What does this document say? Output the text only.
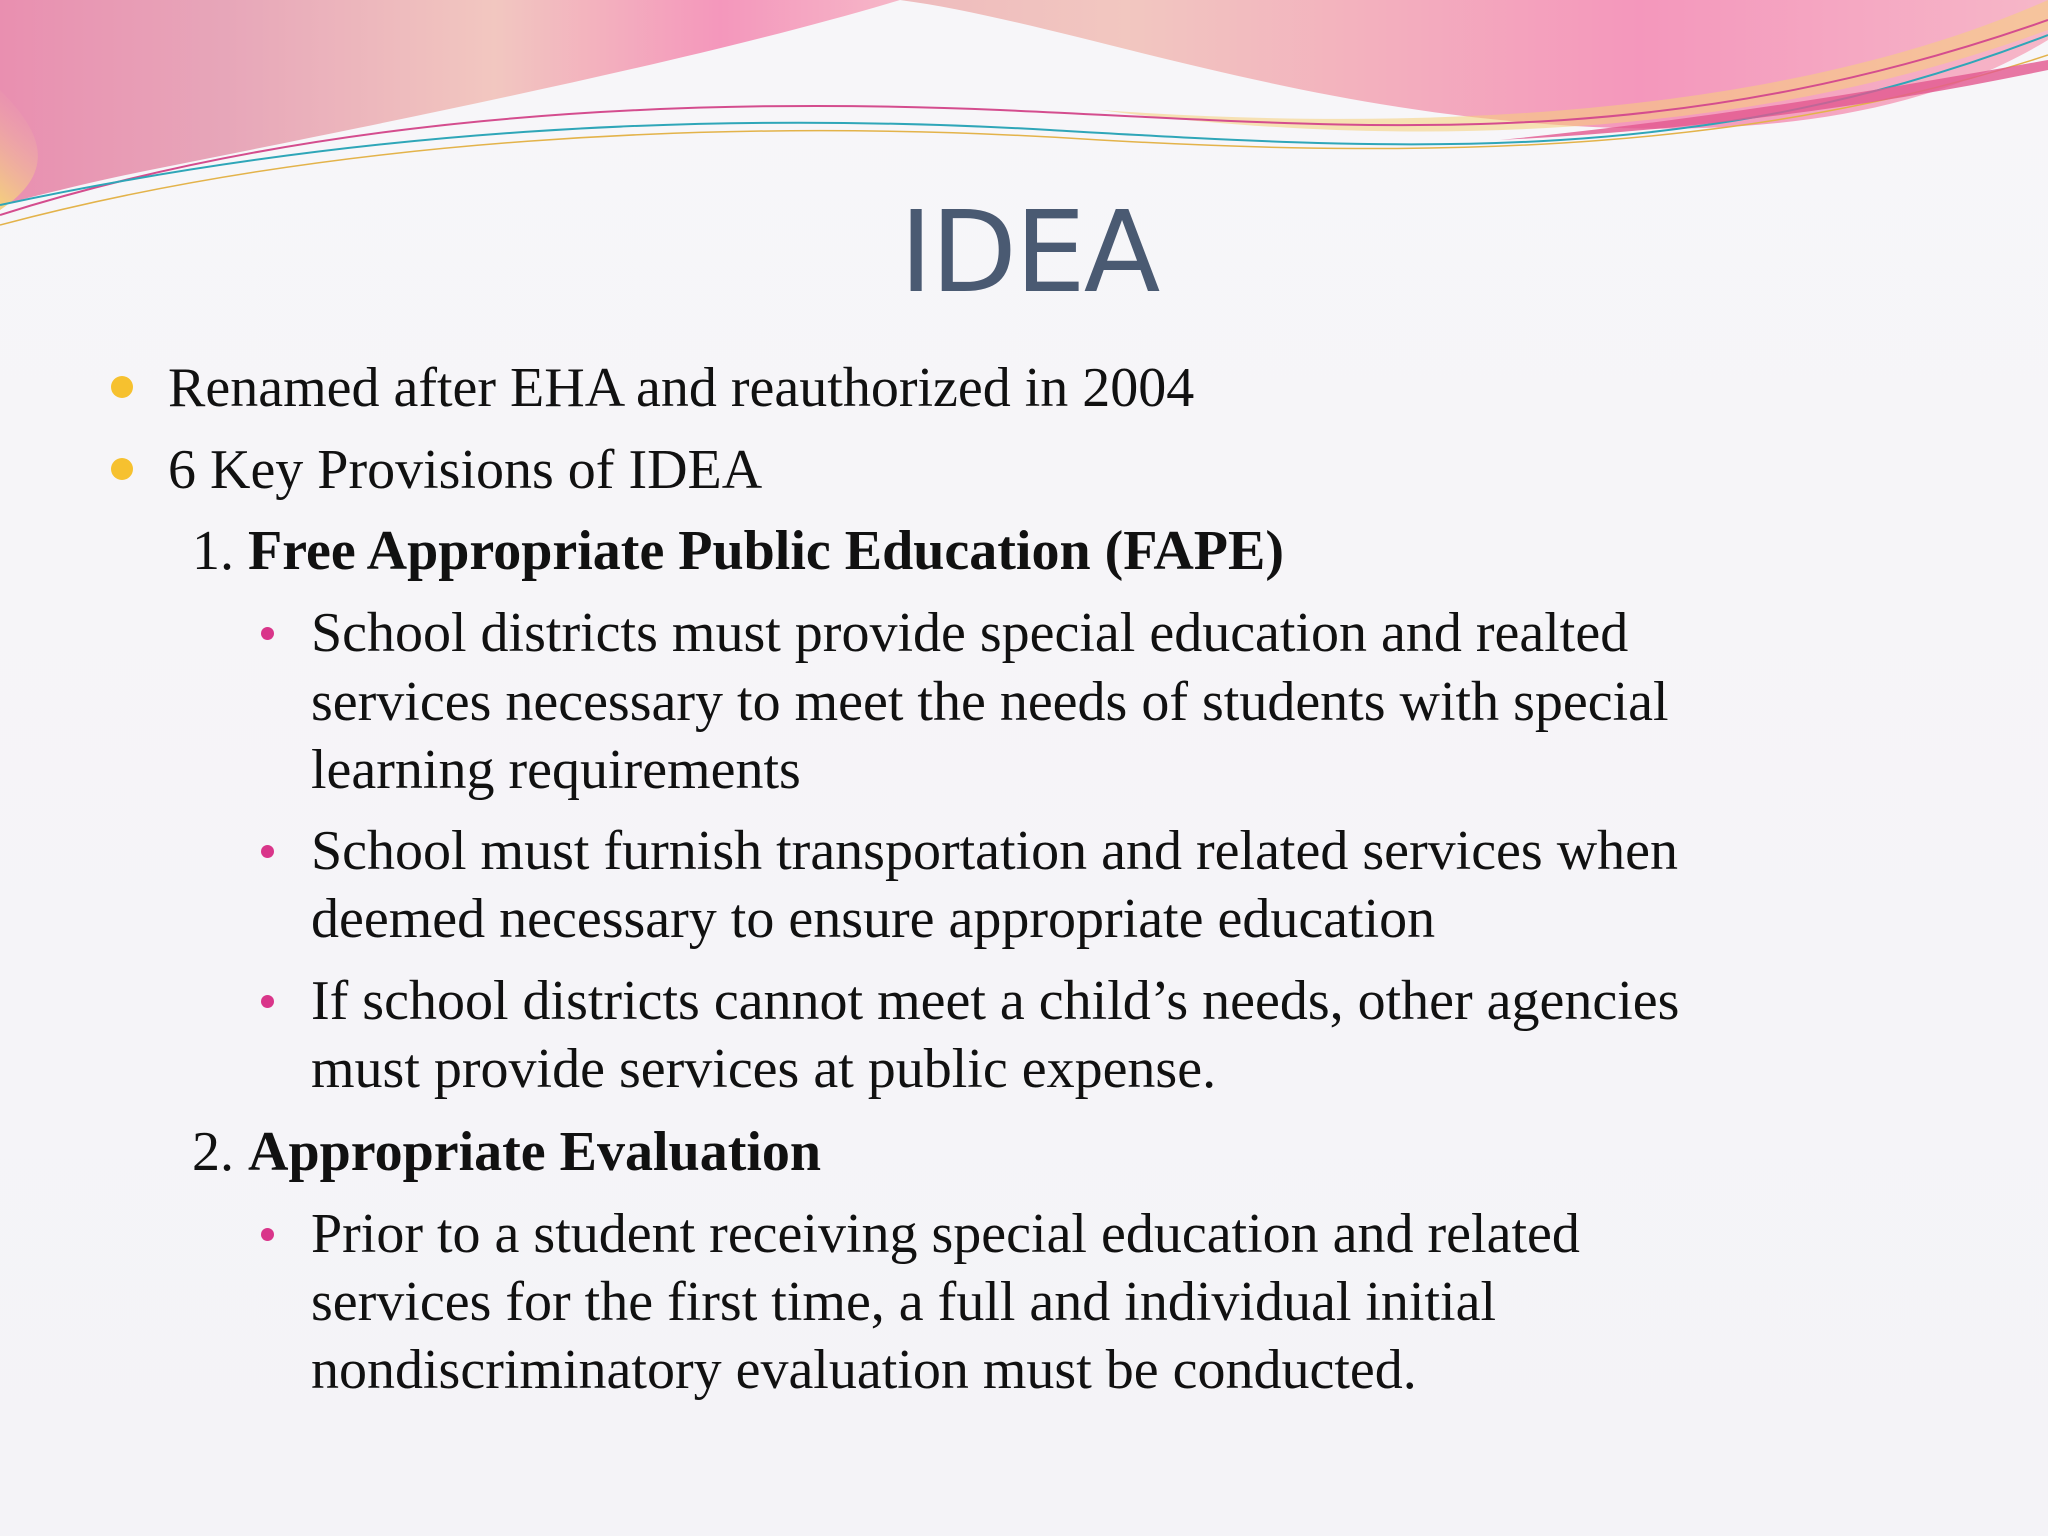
IDEA
Renamed after EHA and reauthorized in 2004
6 Key Provisions of IDEA
1. Free Appropriate Public Education (FAPE)
School districts must provide special education and realted
services necessary to meet the needs of students with special
learning requirements
School must furnish transportation and related services when
deemed necessary to ensure appropriate education
If school districts cannot meet a child’s needs, other agencies
must provide services at public expense.
2. Appropriate Evaluation
Prior to a student receiving special education and related
services for the first time, a full and individual initial
nondiscriminatory evaluation must be conducted.
